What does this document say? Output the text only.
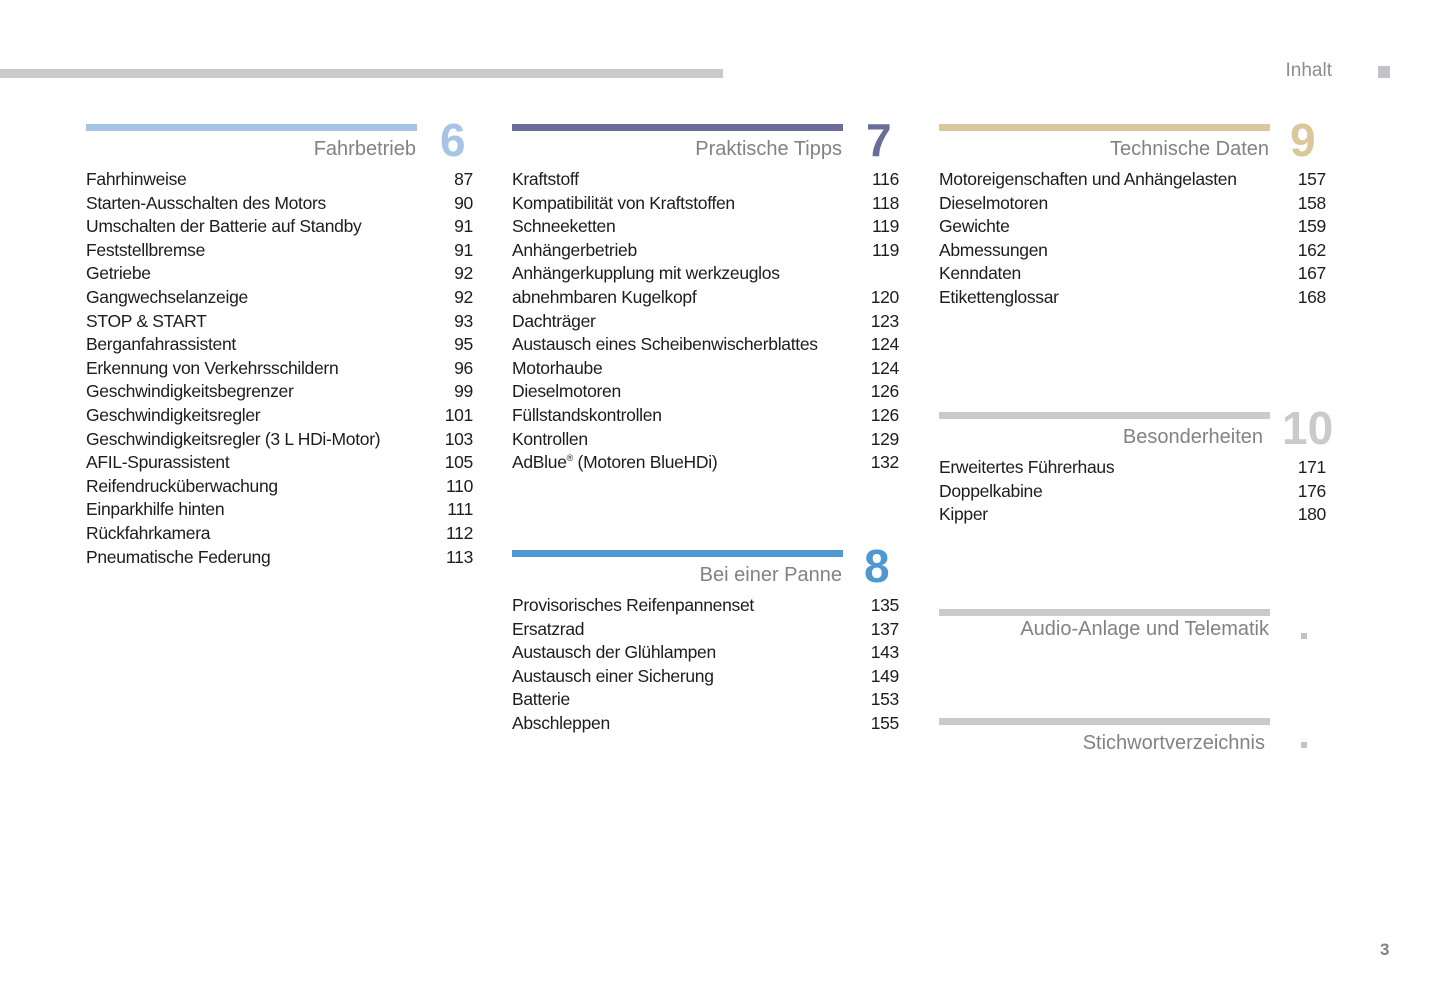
Inhalt
Fahrbetrieb 6
Fahrhinweise	87
Starten-Ausschalten des Motors	90
Umschalten der Batterie auf Standby	91
Feststellbremse	91
Getriebe	92
Gangwechselanzeige	92
STOP & START	93
Berganfahrassistent	95
Erkennung von Verkehrsschildern	96
Geschwindigkeitsbegrenzer	99
Geschwindigkeitsregler	101
Geschwindigkeitsregler (3 L HDi-Motor)	103
AFIL-Spurassistent	105
Reifendrucküberwachung	110
Einparkhilfe hinten	111
Rückfahrkamera	112
Pneumatische Federung	113
Praktische Tipps 7
Kraftstoff	116
Kompatibilität von Kraftstoffen	118
Schneeketten	119
Anhängerbetrieb	119
Anhängerkupplung mit werkzeuglos abnehmbaren Kugelkopf	120
Dachträger	123
Austausch eines Scheibenwischerblattes	124
Motorhaube	124
Dieselmotoren	126
Füllstandskontrollen	126
Kontrollen	129
AdBlue® (Motoren BlueHDi)	132
Bei einer Panne 8
Provisorisches Reifenpannenset	135
Ersatzrad	137
Austausch der Glühlampen	143
Austausch einer Sicherung	149
Batterie	153
Abschleppen	155
Technische Daten 9
Motoreigenschaften und Anhängelasten	157
Dieselmotoren	158
Gewichte	159
Abmessungen	162
Kenndaten	167
Etikettenglossar	168
Besonderheiten 10
Erweitertes Führerhaus	171
Doppelkabine	176
Kipper	180
Audio-Anlage und Telematik
Stichwortverzeichnis
3
